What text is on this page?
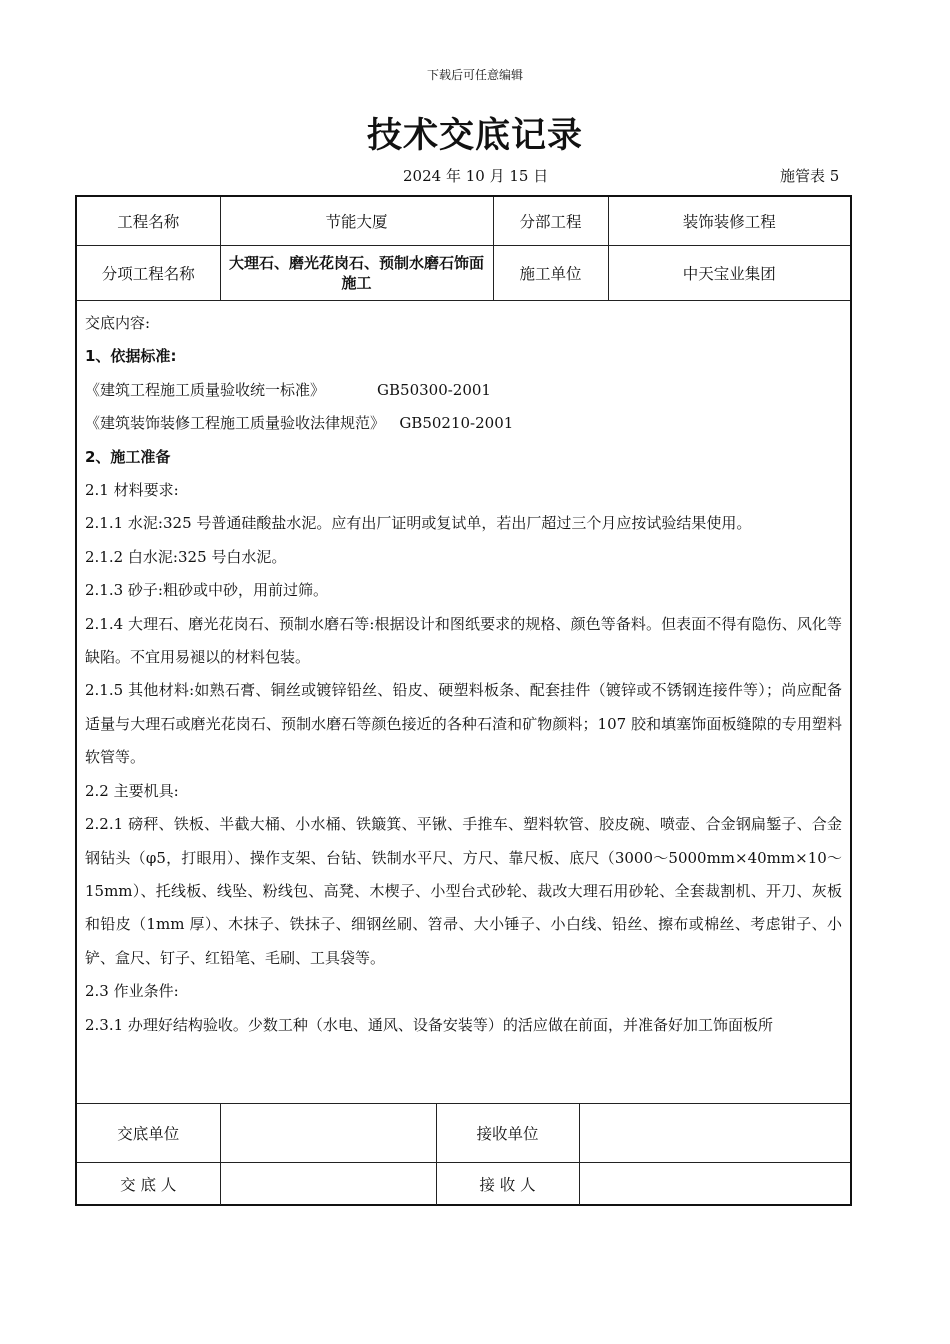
下载后可任意编辑
技术交底记录
2024 年 10 月 15 日	施管表 5
工程名称	节能大厦	分部工程	装饰装修工程
分项工程名称	大理石、磨光花岗石、预制水磨石饰面施工	施工单位	中天宝业集团

交底内容:

1、依据标准:

《建筑工程施工质量验收统一标准》	GB50300-2001

《建筑装饰装修工程施工质量验收法律规范》 GB50210-2001

2、施工准备

2.1 材料要求:

2.1.1 水泥:325 号普通硅酸盐水泥。应有出厂证明或复试单，若出厂超过三个月应按试验结果使用。

2.1.2 白水泥:325 号白水泥。

2.1.3 砂子:粗砂或中砂，用前过筛。

2.1.4 大理石、磨光花岗石、预制水磨石等:根据设计和图纸要求的规格、颜色等备料。但表面不得有隐伤、风化等缺陷。不宜用易褪以的材料包装。

2.1.5 其他材料:如熟石膏、铜丝或镀锌铅丝、铅皮、硬塑料板条、配套挂件（镀锌或不锈钢连接件等）；尚应配备适量与大理石或磨光花岗石、预制水磨石等颜色接近的各种石渣和矿物颜料；107 胶和填塞饰面板缝隙的专用塑料软管等。

2.2 主要机具:

2.2.1 磅秤、铁板、半截大桶、小水桶、铁簸箕、平锹、手推车、塑料软管、胶皮碗、喷壶、合金钢扁錾子、合金钢钻头（φ5，打眼用）、操作支架、台钻、铁制水平尺、方尺、靠尺板、底尺（3000～5000mm×40mm×10～15mm）、托线板、线坠、粉线包、高凳、木楔子、小型台式砂轮、裁改大理石用砂轮、全套裁割机、开刀、灰板和铅皮（1mm 厚）、木抹子、铁抹子、细钢丝刷、笤帚、大小锤子、小白线、铅丝、擦布或棉丝、考虑钳子、小铲、盒尺、钉子、红铅笔、毛刷、工具袋等。

2.3 作业条件:

2.3.1 办理好结构验收。少数工种（水电、通风、设备安装等）的活应做在前面，并准备好加工饰面板所

交底单位		接收单位	
交 底 人		接 收 人	
